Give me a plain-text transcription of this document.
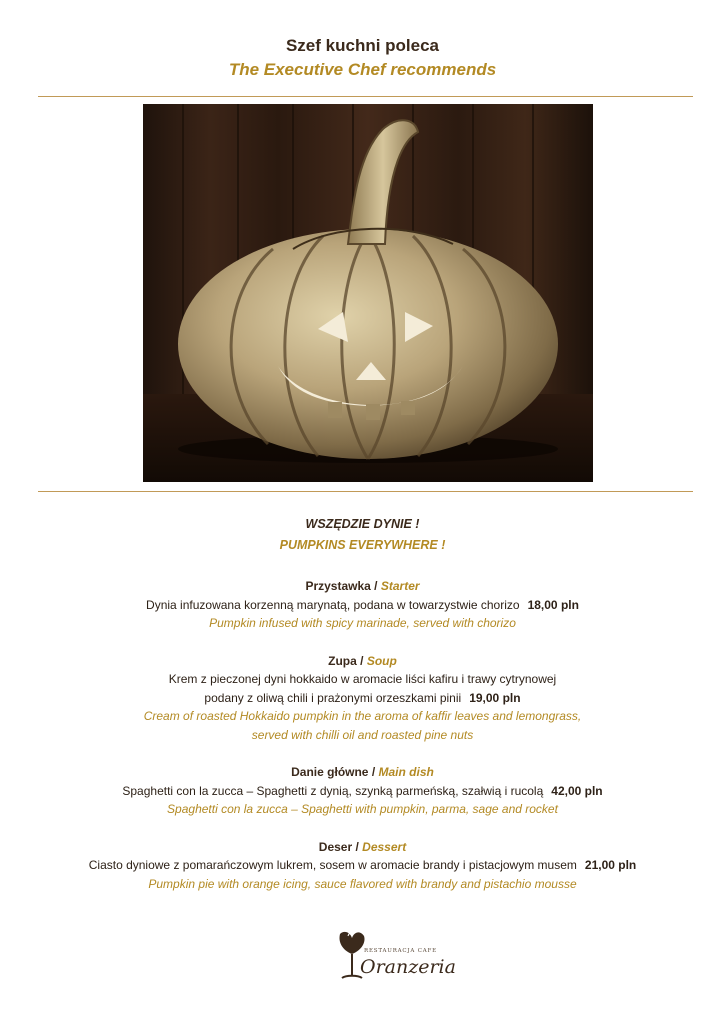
Szef kuchni poleca
The Executive Chef recommends
WSZĘDZIE DYNIE !
PUMPKINS EVERYWHERE !
Przystawka / Starter
Dynia infuzowana korzenną marynatą, podana w towarzystwie chorizo 18,00 pln
Pumpkin infused with spicy marinade, served with chorizo
Zupa / Soup
Krem z pieczonej dyni hokkaido w aromacie liści kafiru i trawy cytrynowej
podany z oliwą chili i prażonymi orzeszkami pinii 19,00 pln
Cream of roasted Hokkaido pumpkin in the aroma of kaffir leaves and lemongrass,
served with chilli oil and roasted pine nuts
Danie główne / Main dish
Spaghetti con la zucca – Spaghetti z dynią, szynką parmeńską, szałwią i rucolą 42,00 pln
Spaghetti con la zucca – Spaghetti with pumpkin, parma, sage and rocket
Deser / Dessert
Ciasto dyniowe z pomarańczowym lukrem, sosem w aromacie brandy i pistacjowym musem 21,00 pln
Pumpkin pie with orange icing, sauce flavored with brandy and pistachio mousse
RESTAURACJA CAFE
Oranzeria
